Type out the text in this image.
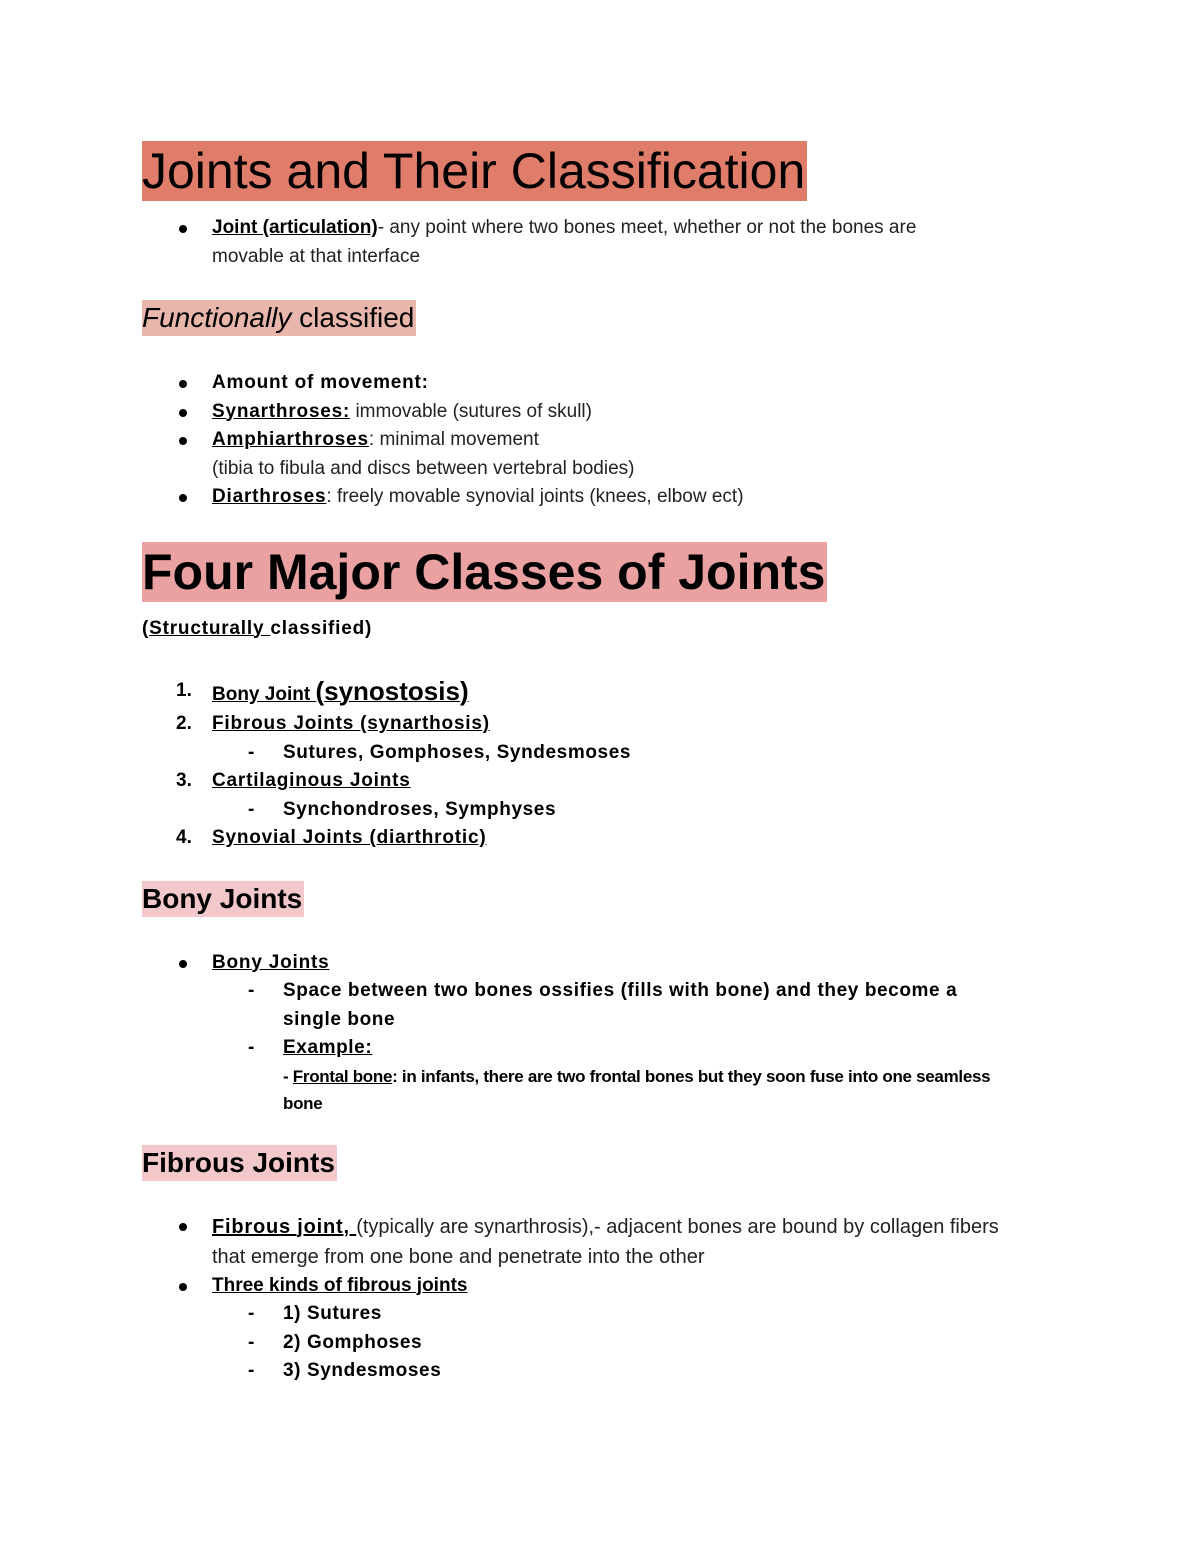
Joints and Their Classification
Joint (articulation)- any point where two bones meet, whether or not the bones are
movable at that interface
Functionally classified
Amount of movement:
Synarthroses: immovable (sutures of skull)
Amphiarthroses: minimal movement
(tibia to fibula and discs between vertebral bodies)
Diarthroses: freely movable synovial joints (knees, elbow ect)
Four Major Classes of Joints
(Structurally classified)
1. Bony Joint (synostosis)
2. Fibrous Joints (synarthosis)
- Sutures, Gomphoses, Syndesmoses
3. Cartilaginous Joints
- Synchondroses, Symphyses
4. Synovial Joints (diarthrotic)
Bony Joints
Bony Joints
- Space between two bones ossifies (fills with bone) and they become a
single bone
- Example:
- Frontal bone: in infants, there are two frontal bones but they soon fuse into one seamless
bone
Fibrous Joints
Fibrous joint, (typically are synarthrosis),- adjacent bones are bound by collagen fibers
that emerge from one bone and penetrate into the other
Three kinds of fibrous joints
- 1) Sutures
- 2) Gomphoses
- 3) Syndesmoses
